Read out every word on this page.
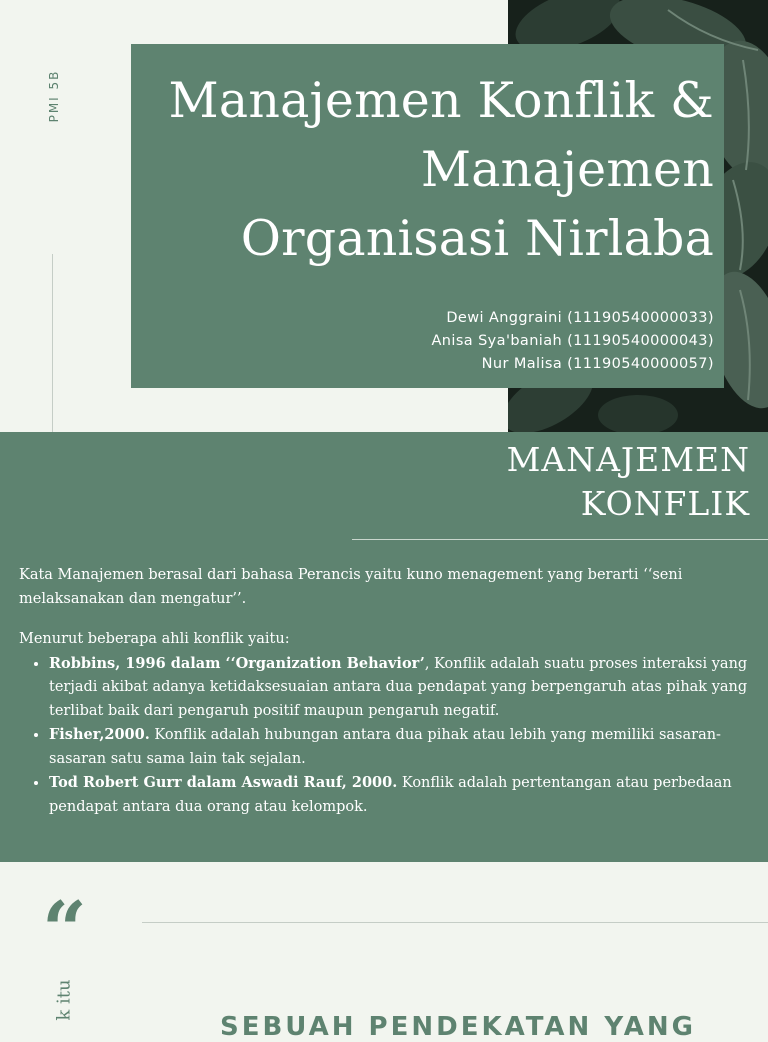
PMI 5B	Manajemen Konflik &
Manajemen
Organisasi Nirlaba
Dewi Anggraini (11190540000033)
Anisa Sya'baniah (11190540000043)
Nur Malisa (11190540000057)
MANAJEMEN
KONFLIK

Kata Manajemen berasal dari bahasa Perancis yaitu kuno menagement yang berarti ‘‘seni melaksanakan dan mengatur’’.

Menurut beberapa ahli konflik yaitu:

• Robbins, 1996 dalam ‘‘Organization Behavior’, Konflik adalah suatu proses interaksi yang terjadi akibat adanya ketidaksesuaian antara dua pendapat yang berpengaruh atas pihak yang terlibat baik dari pengaruh positif maupun pengaruh negatif.
• Fisher,2000. Konflik adalah hubungan antara dua pihak atau lebih yang memiliki sasaran-sasaran satu sama lain tak sejalan.
• Tod Robert Gurr dalam Aswadi Rauf, 2000. Konflik adalah pertentangan atau perbedaan pendapat antara dua orang atau kelompok.
“
k itu
SEBUAH PENDEKATAN YANG
